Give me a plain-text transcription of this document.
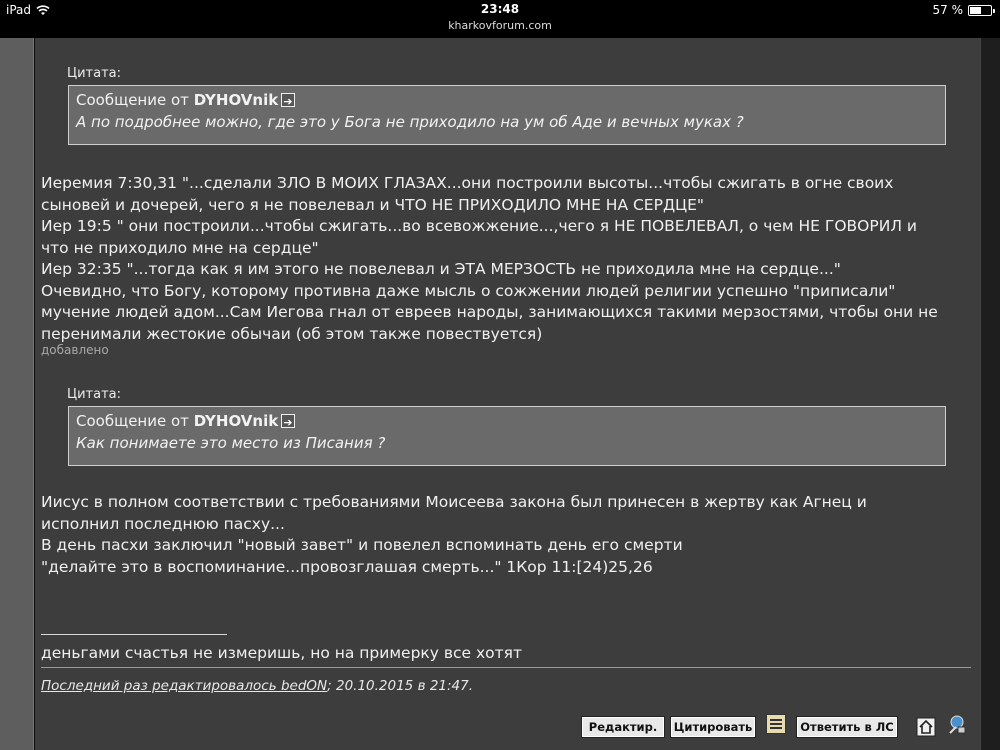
iPad	23:48
kharkovforum.com
57 %
Цитата:
Сообщение от DYHOVnik➔
А по подробнее можно, где это у Бога не приходило на ум об Аде и вечных муках ?
Иеремия 7:30,31 "...сделали ЗЛО В МОИХ ГЛАЗАХ...они построили высоты...чтобы сжигать в огне своих
сыновей и дочерей, чего я не повелевал и ЧТО НЕ ПРИХОДИЛО МНЕ НА СЕРДЦЕ"
Иер 19:5 " они построили...чтобы сжигать...во всевожжение...,чего я НЕ ПОВЕЛЕВАЛ, о чем НЕ ГОВОРИЛ и
что не приходило мне на сердце"
Иер 32:35 "...тогда как я им этого не повелевал и ЭТА МЕРЗОСТЬ не приходила мне на сердце..."
Очевидно, что Богу, которому противна даже мысль о сожжении людей религии успешно "приписали"
мучение людей адом...Сам Иегова гнал от евреев народы, занимающихся такими мерзостями, чтобы они не
перенимали жестокие обычаи (об этом также повествуется)
добавлено
Цитата:
Сообщение от DYHOVnik➔
Как понимаете это место из Писания ?
Иисус в полном соответствии с требованиями Моисеева закона был принесен в жертву как Агнец и
исполнил последнюю пасху...
В день пасхи заключил "новый завет" и повелел вспоминать день его смерти
"делайте это в воспоминание...провозглашая смерть..." 1Кор 11:[24)25,26
деньгами счастья не измеришь, но на примерку все хотят
Последний раз редактировалось bedON; 20.10.2015 в 21:47.
Редактир.	Цитировать	Ответить в ЛС
